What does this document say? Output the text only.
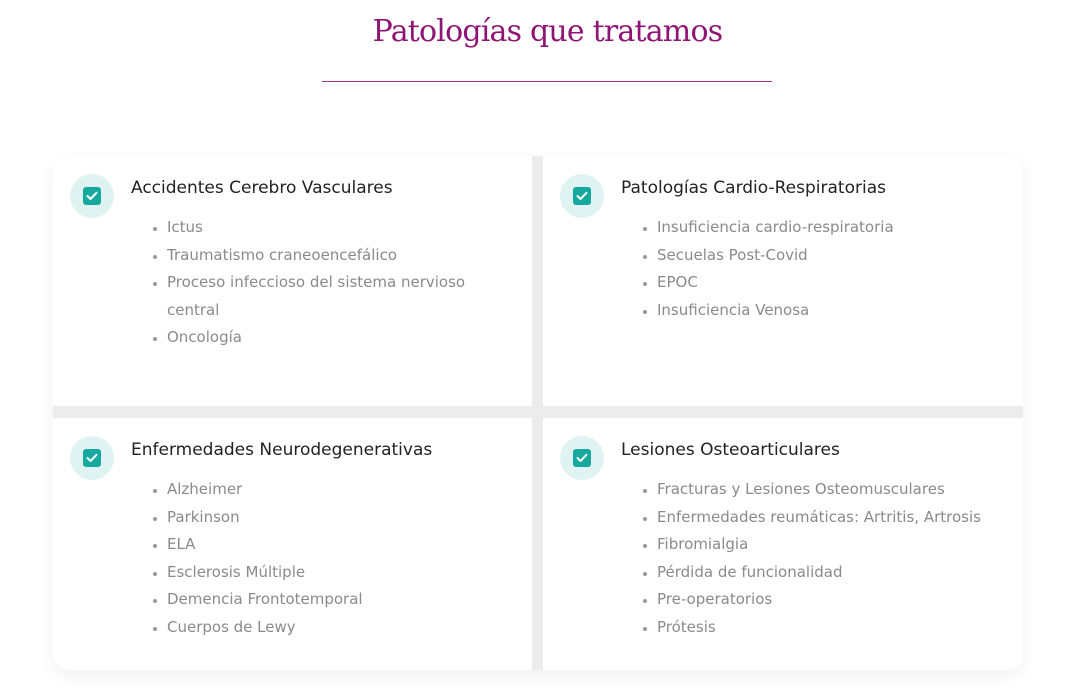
Patologías que tratamos
Accidentes Cerebro Vasculares
• Ictus
• Traumatismo craneoencefálico
• Proceso infeccioso del sistema nervioso central
• Oncología
Patologías Cardio-Respiratorias
• Insuficiencia cardio-respiratoria
• Secuelas Post-Covid
• EPOC
• Insuficiencia Venosa
Enfermedades Neurodegenerativas
• Alzheimer
• Parkinson
• ELA
• Esclerosis Múltiple
• Demencia Frontotemporal
• Cuerpos de Lewy
Lesiones Osteoarticulares
• Fracturas y Lesiones Osteomusculares
• Enfermedades reumáticas: Artritis, Artrosis
• Fibromialgia
• Pérdida de funcionalidad
• Pre-operatorios
• Prótesis
